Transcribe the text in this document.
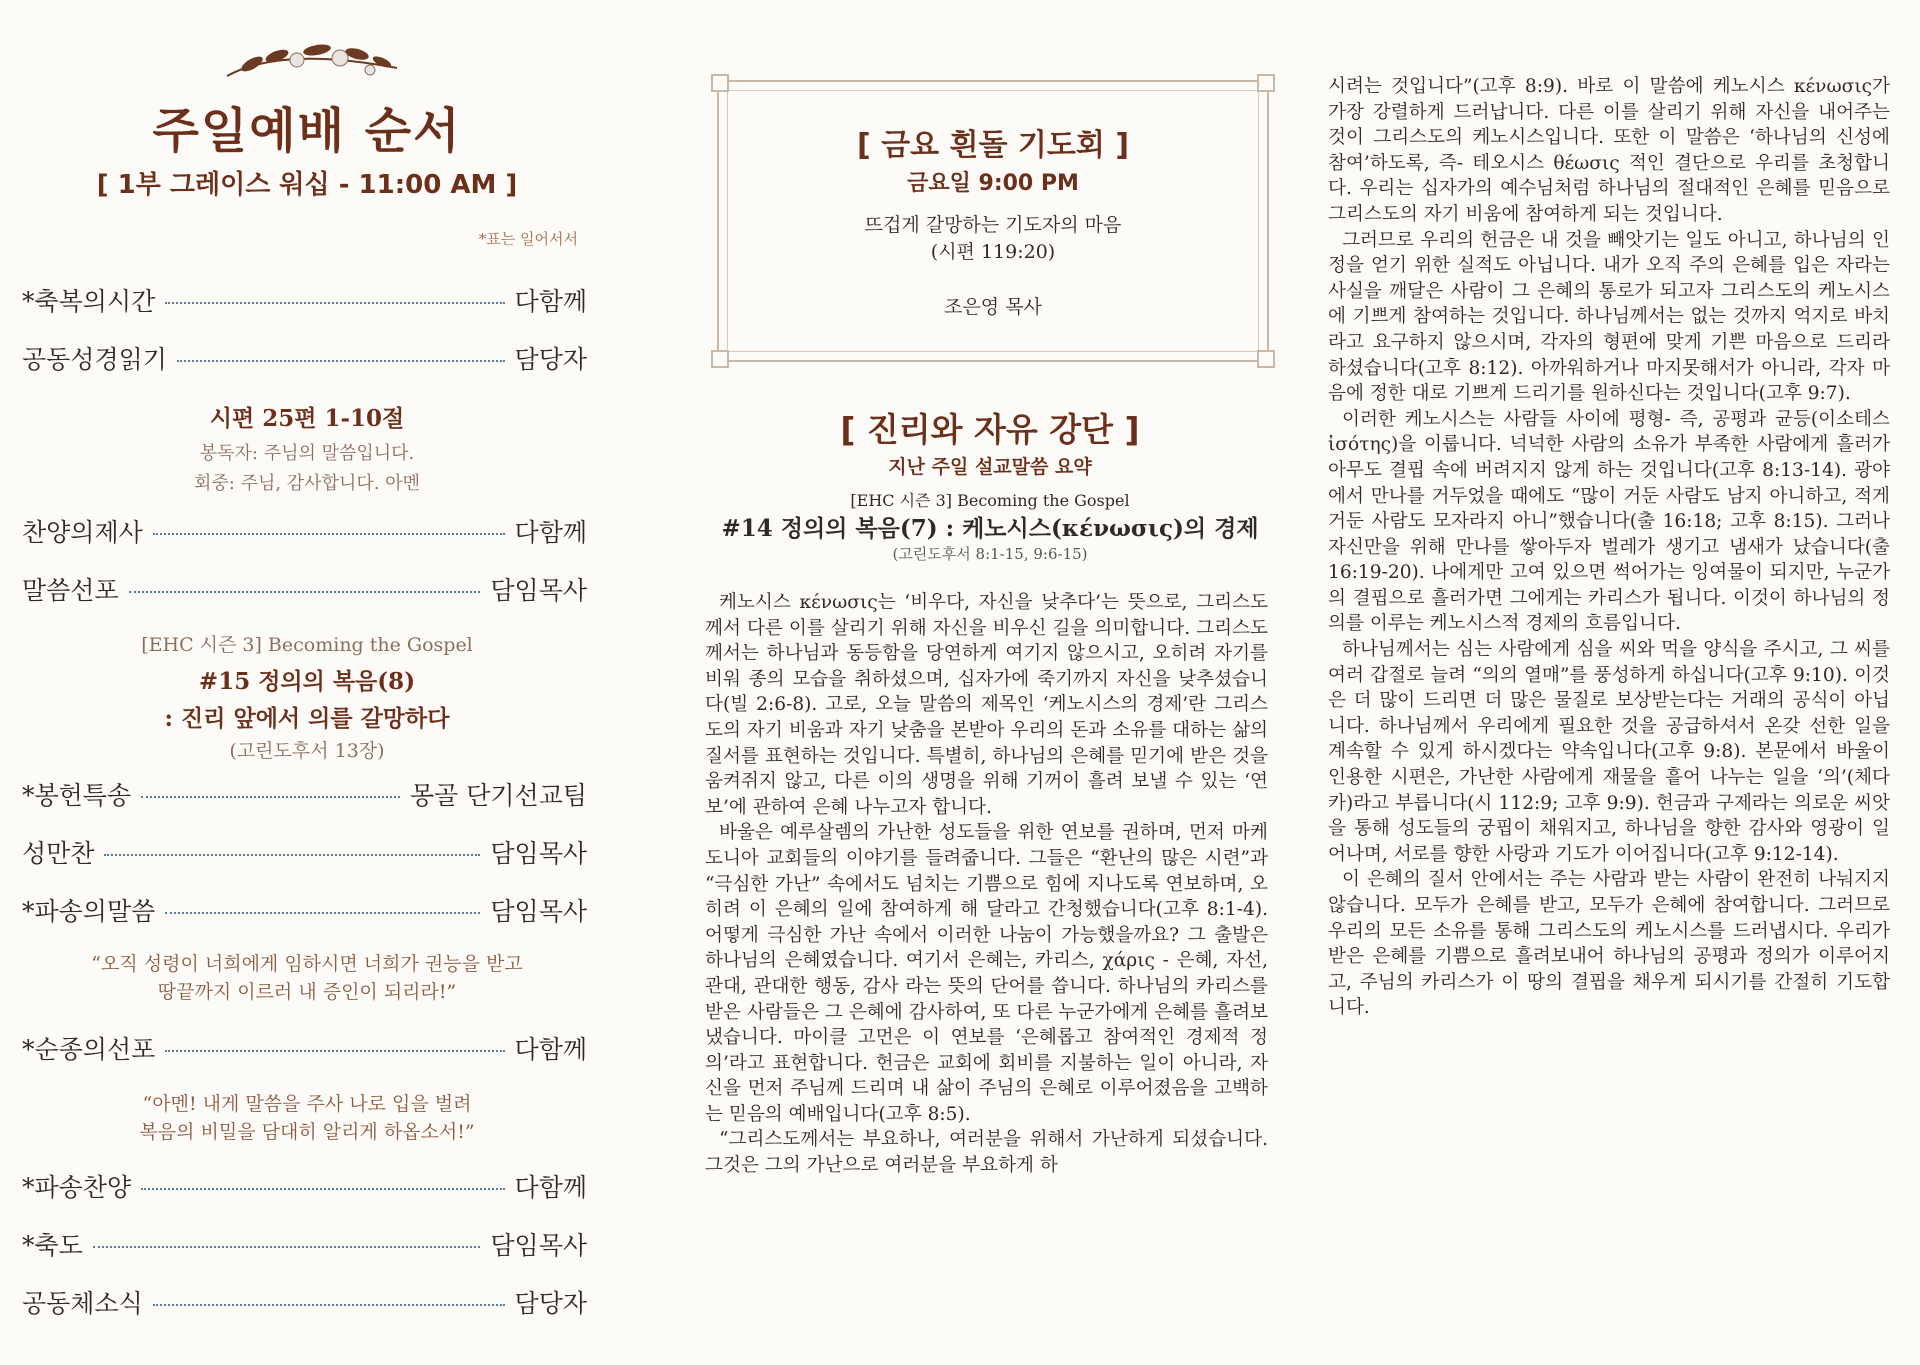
주일예배 순서
[ 1부 그레이스 워십 - 11:00 AM ]
*표는 일어서서
*축복의시간	다함께
공동성경읽기	담당자
시편 25편 1-10절
봉독자: 주님의 말씀입니다.
회중: 주님, 감사합니다. 아멘
찬양의제사	다함께
말씀선포	담임목사
[EHC 시즌 3] Becoming the Gospel
#15 정의의 복음(8)
: 진리 앞에서 의를 갈망하다
(고린도후서 13장)
*봉헌특송	몽골 단기선교팀
성만찬	담임목사
*파송의말씀	담임목사
“오직 성령이 너희에게 임하시면 너희가 권능을 받고
땅끝까지 이르러 내 증인이 되리라!”
*순종의선포	다함께
“아멘! 내게 말씀을 주사 나로 입을 벌려
복음의 비밀을 담대히 알리게 하옵소서!”
*파송찬양	다함께
*축도	담임목사
공동체소식	담당자
[ 금요 흰돌 기도회 ]
금요일 9:00 PM
뜨겁게 갈망하는 기도자의 마음
(시편 119:20)
조은영 목사
[ 진리와 자유 강단 ]
지난 주일 설교말씀 요약
[EHC 시즌 3] Becoming the Gospel
#14 정의의 복음(7) : 케노시스(κένωσις)의 경제
(고린도후서 8:1-15, 9:6-15)

케노시스 κένωσις는 ‘비우다, 자신을 낮추다’는 뜻으로, 그리스도께서 다른 이를 살리기 위해 자신을 비우신 길을 의미합니다. 그리스도께서는 하나님과 동등함을 당연하게 여기지 않으시고, 오히려 자기를 비워 종의 모습을 취하셨으며, 십자가에 죽기까지 자신을 낮추셨습니다(빌 2:6-8). 고로, 오늘 말씀의 제목인 ‘케노시스의 경제’란 그리스도의 자기 비움과 자기 낮춤을 본받아 우리의 돈과 소유를 대하는 삶의 질서를 표현하는 것입니다. 특별히, 하나님의 은혜를 믿기에 받은 것을 움켜쥐지 않고, 다른 이의 생명을 위해 기꺼이 흘려 보낼 수 있는 ‘연보’에 관하여 은혜 나누고자 합니다.

바울은 예루살렘의 가난한 성도들을 위한 연보를 권하며, 먼저 마케도니아 교회들의 이야기를 들려줍니다. 그들은 “환난의 많은 시련”과 “극심한 가난” 속에서도 넘치는 기쁨으로 힘에 지나도록 연보하며, 오히려 이 은혜의 일에 참여하게 해 달라고 간청했습니다(고후 8:1-4). 어떻게 극심한 가난 속에서 이러한 나눔이 가능했을까요? 그 출발은 하나님의 은혜였습니다. 여기서 은혜는, 카리스, χάρις - 은혜, 자선, 관대, 관대한 행동, 감사 라는 뜻의 단어를 씁니다. 하나님의 카리스를 받은 사람들은 그 은혜에 감사하여, 또 다른 누군가에게 은혜를 흘려보냈습니다. 마이클 고먼은 이 연보를 ‘은혜롭고 참여적인 경제적 정의’라고 표현합니다. 헌금은 교회에 회비를 지불하는 일이 아니라, 자신을 먼저 주님께 드리며 내 삶이 주님의 은혜로 이루어졌음을 고백하는 믿음의 예배입니다(고후 8:5).

“그리스도께서는 부요하나, 여러분을 위해서 가난하게 되셨습니다. 그것은 그의 가난으로 여러분을 부요하게 하

시려는 것입니다”(고후 8:9). 바로 이 말씀에 케노시스 κένωσις가 가장 강렬하게 드러납니다. 다른 이를 살리기 위해 자신을 내어주는 것이 그리스도의 케노시스입니다. 또한 이 말씀은 ‘하나님의 신성에 참여’하도록, 즉- 테오시스 θέωσις 적인 결단으로 우리를 초청합니다. 우리는 십자가의 예수님처럼 하나님의 절대적인 은혜를 믿음으로 그리스도의 자기 비움에 참여하게 되는 것입니다.

그러므로 우리의 헌금은 내 것을 빼앗기는 일도 아니고, 하나님의 인정을 얻기 위한 실적도 아닙니다. 내가 오직 주의 은혜를 입은 자라는 사실을 깨달은 사람이 그 은혜의 통로가 되고자 그리스도의 케노시스에 기쁘게 참여하는 것입니다. 하나님께서는 없는 것까지 억지로 바치라고 요구하지 않으시며, 각자의 형편에 맞게 기쁜 마음으로 드리라 하셨습니다(고후 8:12). 아까워하거나 마지못해서가 아니라, 각자 마음에 정한 대로 기쁘게 드리기를 원하신다는 것입니다(고후 9:7).

이러한 케노시스는 사람들 사이에 평형- 즉, 공평과 균등(이소테스 ἰσότης)을 이룹니다. 넉넉한 사람의 소유가 부족한 사람에게 흘러가 아무도 결핍 속에 버려지지 않게 하는 것입니다(고후 8:13-14). 광야에서 만나를 거두었을 때에도 “많이 거둔 사람도 남지 아니하고, 적게 거둔 사람도 모자라지 아니”했습니다(출 16:18; 고후 8:15). 그러나 자신만을 위해 만나를 쌓아두자 벌레가 생기고 냄새가 났습니다(출 16:19-20). 나에게만 고여 있으면 썩어가는 잉여물이 되지만, 누군가의 결핍으로 흘러가면 그에게는 카리스가 됩니다. 이것이 하나님의 정의를 이루는 케노시스적 경제의 흐름입니다.

하나님께서는 심는 사람에게 심을 씨와 먹을 양식을 주시고, 그 씨를 여러 갑절로 늘려 “의의 열매”를 풍성하게 하십니다(고후 9:10). 이것은 더 많이 드리면 더 많은 물질로 보상받는다는 거래의 공식이 아닙니다. 하나님께서 우리에게 필요한 것을 공급하셔서 온갖 선한 일을 계속할 수 있게 하시겠다는 약속입니다(고후 9:8). 본문에서 바울이 인용한 시편은, 가난한 사람에게 재물을 흩어 나누는 일을 ‘의’(체다카)라고 부릅니다(시 112:9; 고후 9:9). 헌금과 구제라는 의로운 씨앗을 통해 성도들의 궁핍이 채워지고, 하나님을 향한 감사와 영광이 일어나며, 서로를 향한 사랑과 기도가 이어집니다(고후 9:12-14).

이 은혜의 질서 안에서는 주는 사람과 받는 사람이 완전히 나눠지지 않습니다. 모두가 은혜를 받고, 모두가 은혜에 참여합니다. 그러므로 우리의 모든 소유를 통해 그리스도의 케노시스를 드러냅시다. 우리가 받은 은혜를 기쁨으로 흘려보내어 하나님의 공평과 정의가 이루어지고, 주님의 카리스가 이 땅의 결핍을 채우게 되시기를 간절히 기도합니다.
